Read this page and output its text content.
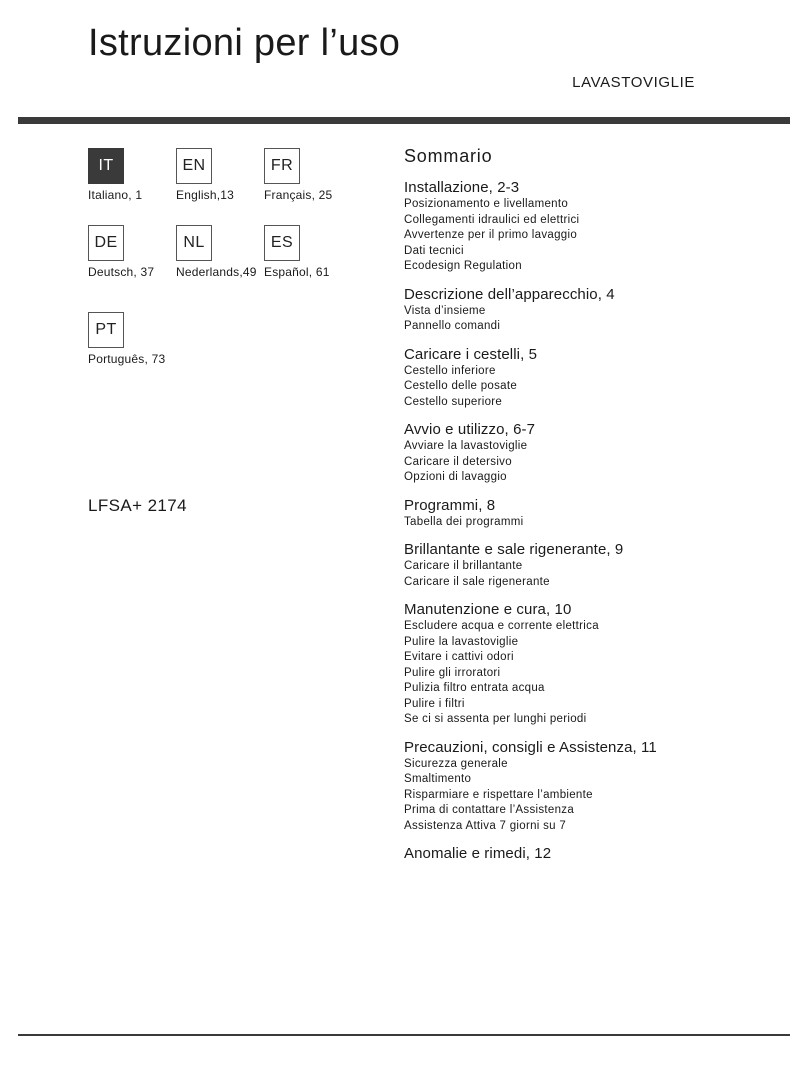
Istruzioni per l’uso
LAVASTOVIGLIE
IT
Italiano, 1
EN
English,13
FR
Français, 25
DE
Deutsch, 37
NL
Nederlands,49
ES
Español, 61
PT
Português, 73
LFSA+ 2174
Sommario
Installazione, 2-3
Posizionamento e livellamento
Collegamenti idraulici ed elettrici
Avvertenze per il primo lavaggio
Dati tecnici
Ecodesign Regulation
Descrizione dell’apparecchio, 4
Vista d’insieme
Pannello comandi
Caricare i cestelli, 5
Cestello inferiore
Cestello delle posate
Cestello superiore
Avvio e utilizzo, 6-7
Avviare la lavastoviglie
Caricare il detersivo
Opzioni di lavaggio
Programmi, 8
Tabella dei programmi
Brillantante e sale rigenerante, 9
Caricare il brillantante
Caricare il sale rigenerante
Manutenzione e cura, 10
Escludere acqua e corrente elettrica
Pulire la lavastoviglie
Evitare i cattivi odori
Pulire gli irroratori
Pulizia filtro entrata acqua
Pulire i filtri
Se ci si assenta per lunghi periodi
Precauzioni, consigli e Assistenza, 11
Sicurezza generale
Smaltimento
Risparmiare e rispettare l’ambiente
Prima di contattare l’Assistenza
Assistenza Attiva 7 giorni su 7
Anomalie e rimedi, 12
